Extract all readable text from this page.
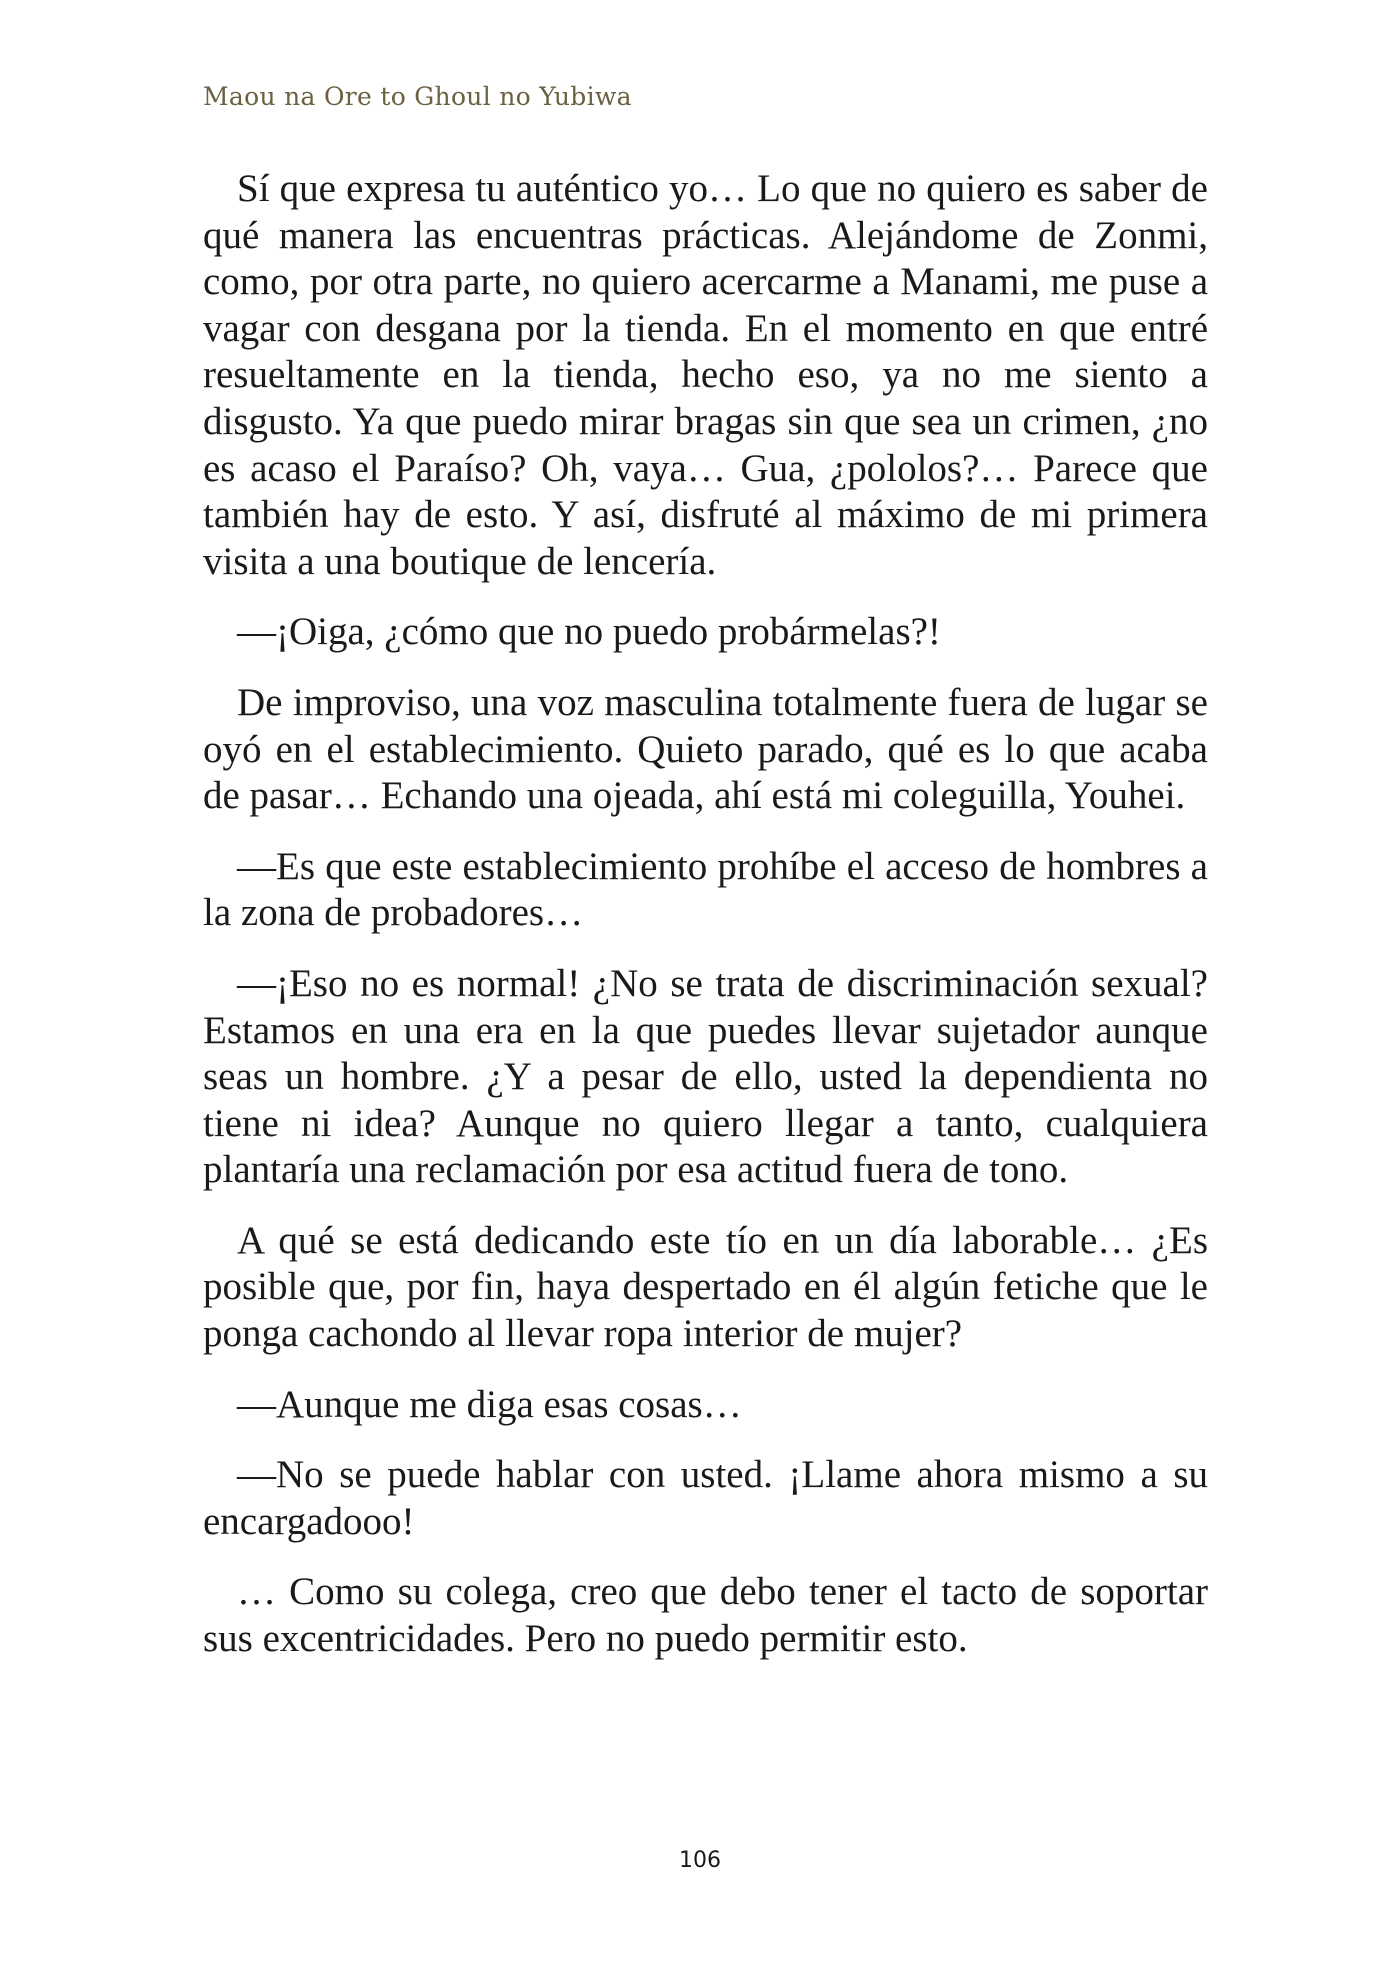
Maou na Ore to Ghoul no Yubiwa

Sí que expresa tu auténtico yo… Lo que no quiero es saber de qué manera las encuentras prácticas. Alejándome de Zonmi, como, por otra parte, no quiero acercarme a Manami, me puse a vagar con desgana por la tienda. En el momento en que entré resueltamente en la tienda, hecho eso, ya no me siento a disgusto. Ya que puedo mirar bragas sin que sea un crimen, ¿no es acaso el Paraíso? Oh, vaya… Gua, ¿pololos?… Parece que también hay de esto. Y así, disfruté al máximo de mi primera visita a una boutique de lencería.

—¡Oiga, ¿cómo que no puedo probármelas?!

De improviso, una voz masculina totalmente fuera de lugar se oyó en el establecimiento. Quieto parado, qué es lo que acaba de pasar… Echando una ojeada, ahí está mi coleguilla, Youhei.

—Es que este establecimiento prohíbe el acceso de hombres a la zona de probadores…

—¡Eso no es normal! ¿No se trata de discriminación sexual? Estamos en una era en la que puedes llevar sujetador aunque seas un hombre. ¿Y a pesar de ello, usted la dependienta no tiene ni idea? Aunque no quiero llegar a tanto, cualquiera plantaría una reclamación por esa actitud fuera de tono.

A qué se está dedicando este tío en un día laborable… ¿Es posible que, por fin, haya despertado en él algún fetiche que le ponga cachondo al llevar ropa interior de mujer?

—Aunque me diga esas cosas…

—No se puede hablar con usted. ¡Llame ahora mismo a su encargadooo!

… Como su colega, creo que debo tener el tacto de soportar sus excentricidades. Pero no puedo permitir esto.

106
